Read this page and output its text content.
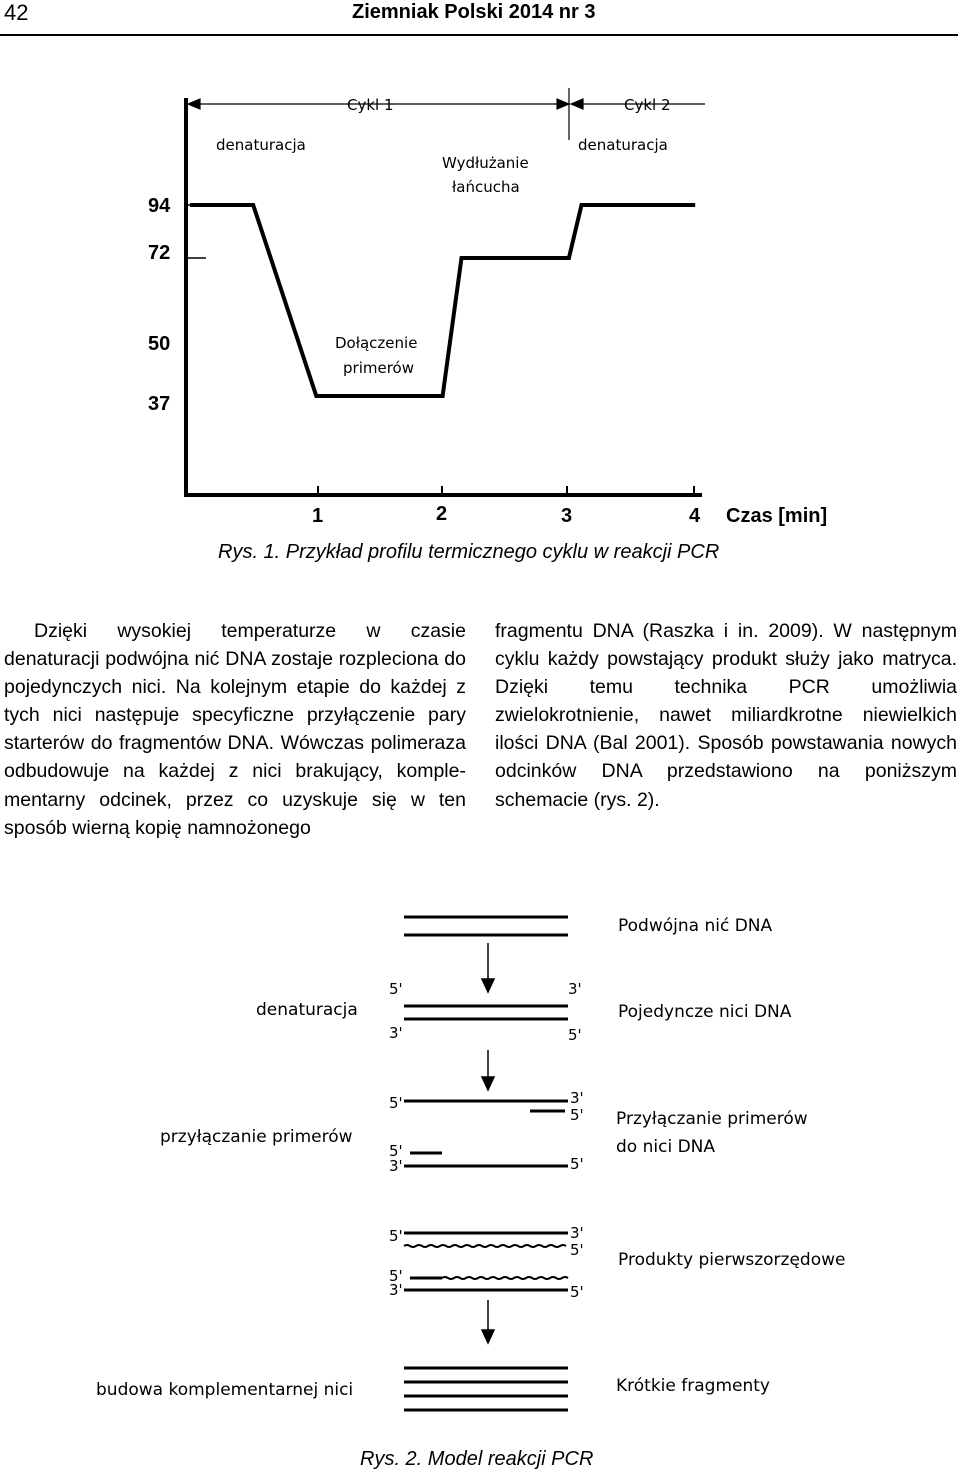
42	Ziemniak Polski 2014 nr 3
94
72
50
37
1	2	3	4 Czas [min]
Cykl 1	Cykl 2
denaturacja	denaturacja
Wydłużanie
łańcucha
Dołączenie
primerów
Rys. 1. Przykład profilu termicznego cyklu w reakcji PCR

Dzięki wysokiej temperaturze w czasie denaturacji podwójna nić DNA zostaje rozpleciona do pojedynczych nici. Na kolejnym etapie do każdej z tych nici następuje specyficzne przyłączenie pary starterów do fragmentów DNA. Wówczas polimeraza odbudowuje na każdej z nici brakujący, komplementarny odcinek, przez co uzyskuje się w ten sposób wierną kopię namnożonego

fragmentu DNA (Raszka i in. 2009). W następnym cyklu każdy powstający produkt służy jako matryca. Dzięki temu technika PCR umożliwia zwielokrotnienie, nawet miliardkrotne niewielkich ilości DNA (Bal 2001). Sposób powstawania nowych odcinków DNA przedstawiono na poniższym schemacie (rys. 2).

5'	3'
3'	5'
5'	3'
5'
5'
3'	5'
5'	3'
5'
5'
3'	5'
Podwójna nić DNA
denaturacja	Pojedyncze nici DNA
przyłączanie primerów
Przyłączanie primerów
do nici DNA
Produkty pierwszorzędowe
budowa komplementarnej nici	Krótkie fragmenty
Rys. 2. Model reakcji PCR
